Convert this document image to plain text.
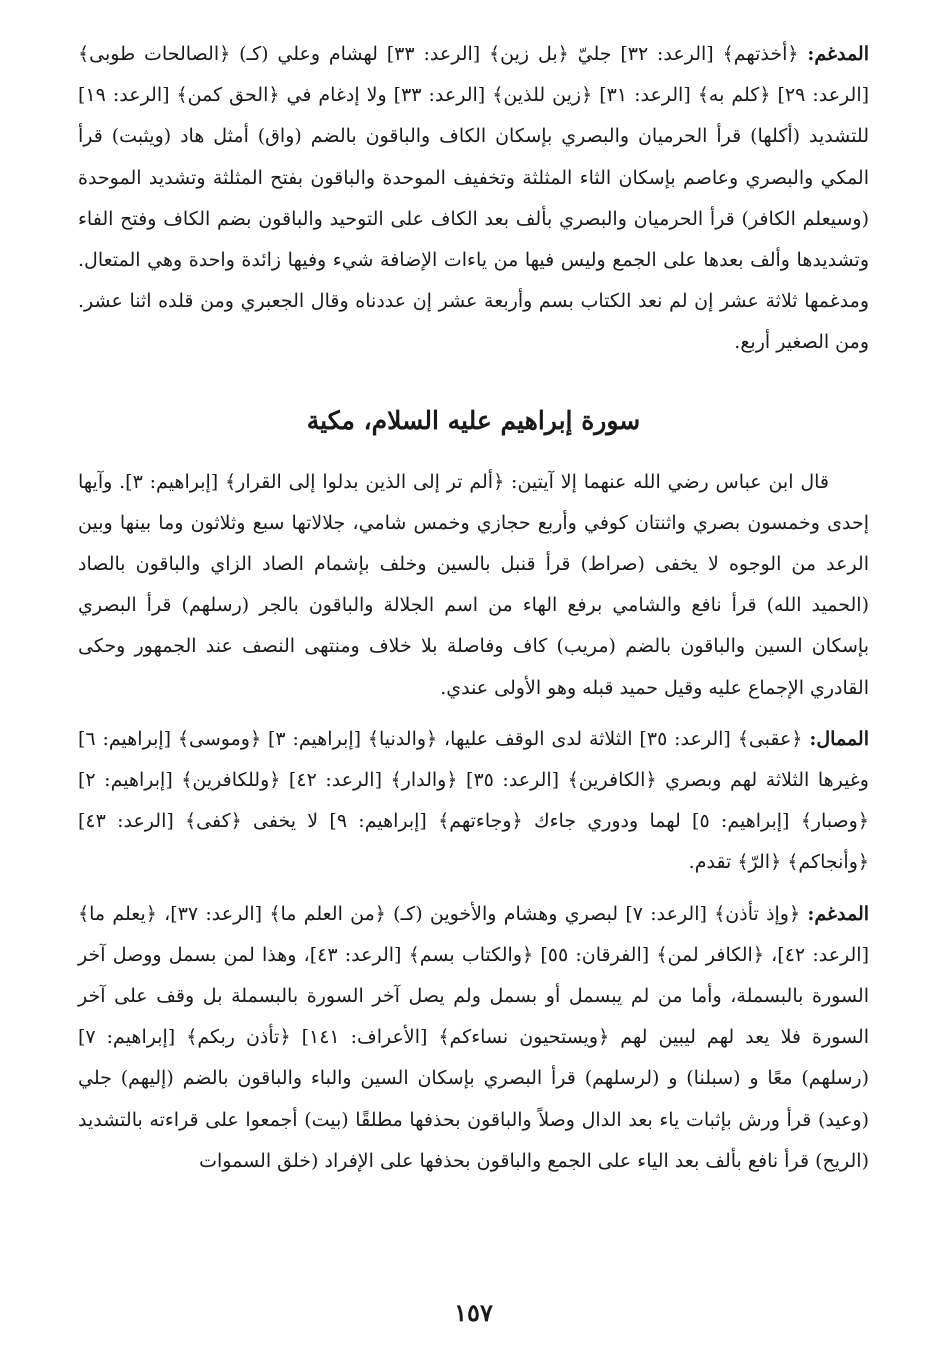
المدغم: ﴿أخذتهم﴾ [الرعد: ٣٢] جليّ ﴿بل زين﴾ [الرعد: ٣٣] لهشام وعلي (كـ) ﴿الصالحات طوبى﴾ [الرعد: ٢٩] ﴿كلم به﴾ [الرعد: ٣١] ﴿زين للذين﴾ [الرعد: ٣٣] ولا إدغام في ﴿الحق كمن﴾ [الرعد: ١٩] للتشديد (أكلها) قرأ الحرميان والبصري بإسكان الكاف والباقون بالضم (واق) أمثل هاد (ويثبت) قرأ المكي والبصري وعاصم بإسكان الثاء المثلثة وتخفيف الموحدة والباقون بفتح المثلثة وتشديد الموحدة (وسيعلم الكافر) قرأ الحرميان والبصري بألف بعد الكاف على التوحيد والباقون بضم الكاف وفتح الفاء وتشديدها وألف بعدها على الجمع وليس فيها من ياءات الإضافة شيء وفيها زائدة واحدة وهي المتعال. ومدغمها ثلاثة عشر إن لم نعد الكتاب بسم وأربعة عشر إن عددناه وقال الجعبري ومن قلده اثنا عشر. ومن الصغير أربع.

سورة إبراهيم عليه السلام، مكية

قال ابن عباس رضي الله عنهما إلا آيتين: ﴿ألم تر إلى الذين بدلوا إلى القرار﴾ [إبراهيم: ٣]. وآيها إحدى وخمسون بصري واثنتان كوفي وأربع حجازي وخمس شامي، جلالاتها سبع وثلاثون وما بينها وبين الرعد من الوجوه لا يخفى (صراط) قرأ قنبل بالسين وخلف بإشمام الصاد الزاي والباقون بالصاد (الحميد الله) قرأ نافع والشامي برفع الهاء من اسم الجلالة والباقون بالجر (رسلهم) قرأ البصري بإسكان السين والباقون بالضم (مريب) كاف وفاصلة بلا خلاف ومنتهى النصف عند الجمهور وحكى القادري الإجماع عليه وقيل حميد قبله وهو الأولى عندي.

الممال: ﴿عقبى﴾ [الرعد: ٣٥] الثلاثة لدى الوقف عليها، ﴿والدنيا﴾ [إبراهيم: ٣] ﴿وموسى﴾ [إبراهيم: ٦] وغيرها الثلاثة لهم وبصري ﴿الكافرين﴾ [الرعد: ٣٥] ﴿والدار﴾ [الرعد: ٤٢] ﴿وللكافرين﴾ [إبراهيم: ٢] ﴿وصبار﴾ [إبراهيم: ٥] لهما ودوري جاءك ﴿وجاءتهم﴾ [إبراهيم: ٩] لا يخفى ﴿كفى﴾ [الرعد: ٤٣] ﴿وأنجاكم﴾ ﴿الرّ﴾ تقدم.

المدغم: ﴿وإذ تأذن﴾ [الرعد: ٧] لبصري وهشام والأخوين (كـ) ﴿من العلم ما﴾ [الرعد: ٣٧]، ﴿يعلم ما﴾ [الرعد: ٤٢]، ﴿الكافر لمن﴾ [الفرقان: ٥٥] ﴿والكتاب بسم﴾ [الرعد: ٤٣]، وهذا لمن بسمل ووصل آخر السورة بالبسملة، وأما من لم يبسمل أو بسمل ولم يصل آخر السورة بالبسملة بل وقف على آخر السورة فلا يعد لهم ليبين لهم ﴿ويستحيون نساءكم﴾ [الأعراف: ١٤١] ﴿تأذن ربكم﴾ [إبراهيم: ٧] (رسلهم) معًا و (سبلنا) و (لرسلهم) قرأ البصري بإسكان السين والباء والباقون بالضم (إليهم) جلي (وعيد) قرأ ورش بإثبات ياء بعد الدال وصلاً والباقون بحذفها مطلقًا (بيت) أجمعوا على قراءته بالتشديد (الريح) قرأ نافع بألف بعد الياء على الجمع والباقون بحذفها على الإفراد (خلق السموات

١٥٧
